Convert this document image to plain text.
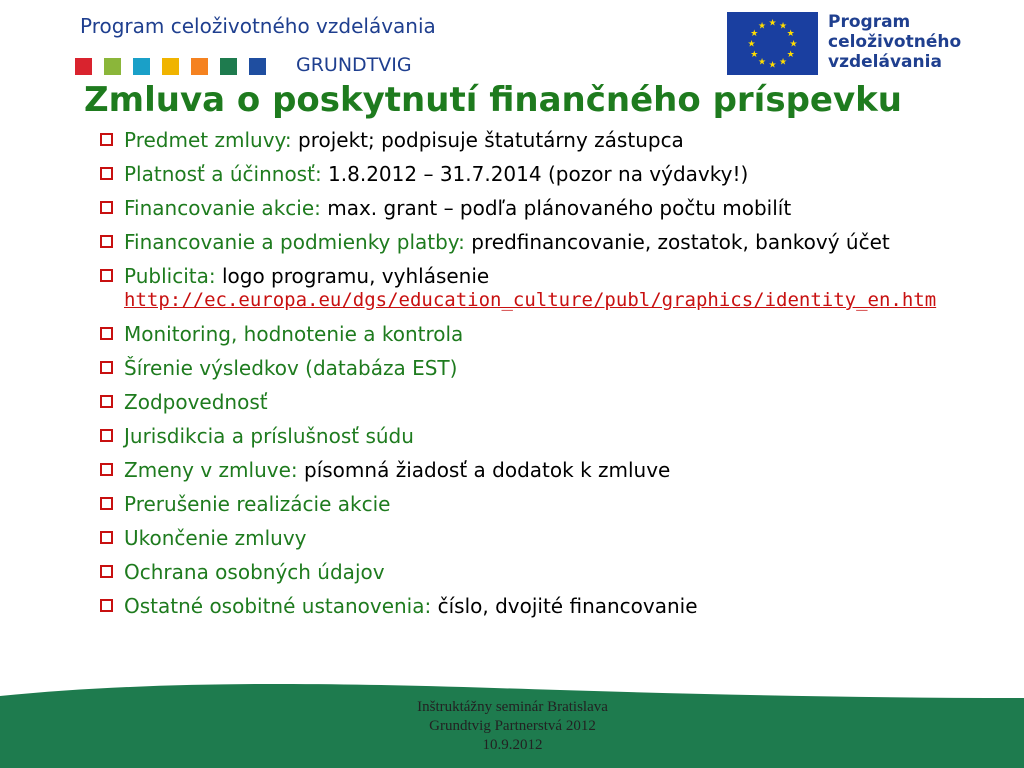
Program celoživotného vzdelávania
GRUNDTVIG
★ ★
★
★
★
★
★
★
★
★
★
★	Program
celoživotného
vzdelávania
Zmluva o poskytnutí finančného príspevku
Predmet zmluvy: projekt; podpisuje štatutárny zástupca
Platnosť a účinnosť: 1.8.2012 – 31.7.2014 (pozor na výdavky!)
Financovanie akcie: max. grant – podľa plánovaného počtu mobilít
Financovanie a podmienky platby: predfinancovanie, zostatok, bankový účet
Publicita: logo programu, vyhlásenie
http://ec.europa.eu/dgs/education_culture/publ/graphics/identity_en.htm
Monitoring, hodnotenie a kontrola
Šírenie výsledkov (databáza EST)
Zodpovednosť
Jurisdikcia a príslušnosť súdu
Zmeny v zmluve: písomná žiadosť a dodatok k zmluve
Prerušenie realizácie akcie
Ukončenie zmluvy
Ochrana osobných údajov
Ostatné osobitné ustanovenia: číslo, dvojité financovanie
Inštruktážny seminár Bratislava
Grundtvig Partnerstvá 2012
10.9.2012
